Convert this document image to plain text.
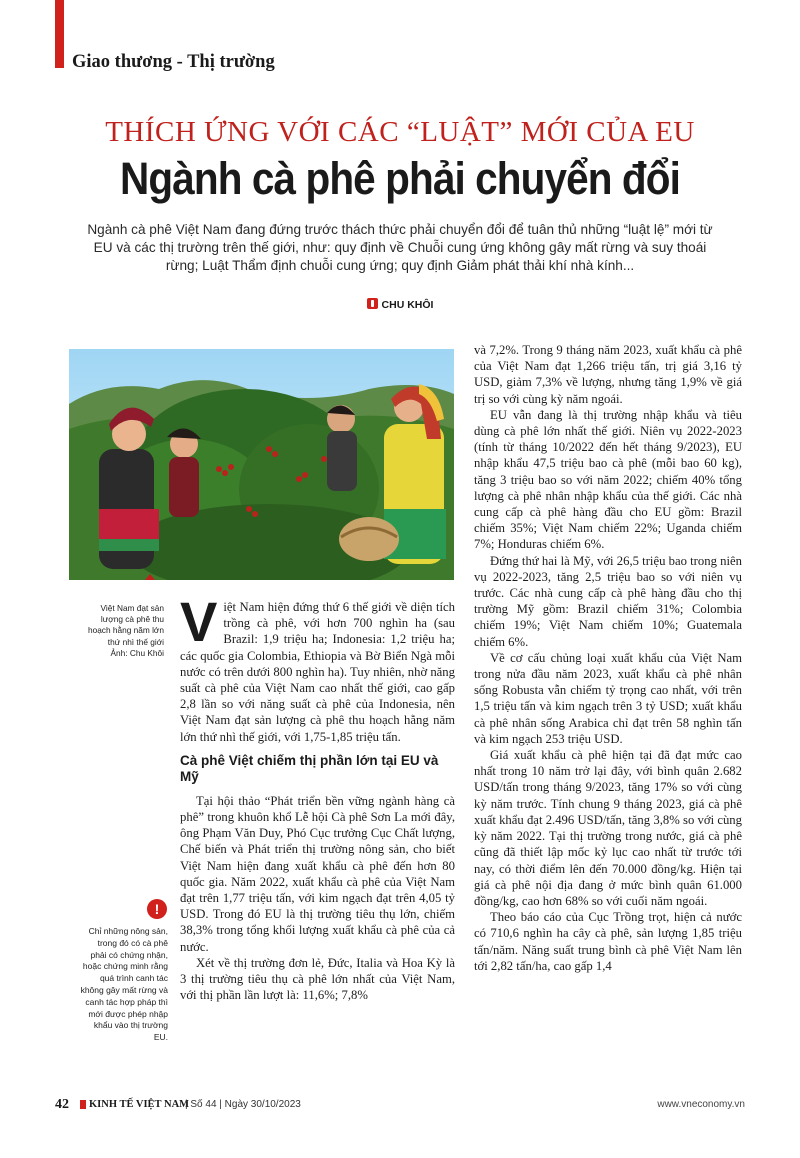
Giao thương - Thị trường
THÍCH ỨNG VỚI CÁC “LUẬT” MỚI CỦA EU
Ngành cà phê phải chuyển đổi
Ngành cà phê Việt Nam đang đứng trước thách thức phải chuyển đổi để tuân thủ những “luật lệ” mới từ EU và các thị trường trên thế giới, như: quy định về Chuỗi cung ứng không gây mất rừng và suy thoái rừng; Luật Thẩm định chuỗi cung ứng; quy định Giảm phát thải khí nhà kính...
CHU KHÔI
Việt Nam đạt sản lượng cà phê thu hoạch hằng năm lớn thứ nhì thế giới
Ảnh: Chu Khôi
!
Chỉ những nông sản, trong đó có cà phê phải có chứng nhận, hoặc chứng minh rằng quá trình canh tác không gây mất rừng và canh tác hợp pháp thì mới được phép nhập khẩu vào thị trường EU.

Việt Nam hiện đứng thứ 6 thế giới về diện tích trồng cà phê, với hơn 700 nghìn ha (sau Brazil: 1,9 triệu ha; Indonesia: 1,2 triệu ha; các quốc gia Colombia, Ethiopia và Bờ Biển Ngà mỗi nước có trên dưới 800 nghìn ha). Tuy nhiên, nhờ năng suất cà phê của Việt Nam cao nhất thế giới, cao gấp 2,8 lần so với năng suất cà phê của Indonesia, nên Việt Nam đạt sản lượng cà phê thu hoạch hằng năm lớn thứ nhì thế giới, với 1,75-1,85 triệu tấn.

Cà phê Việt chiếm thị phần lớn tại EU và Mỹ

Tại hội thảo “Phát triển bền vững ngành hàng cà phê” trong khuôn khổ Lễ hội Cà phê Sơn La mới đây, ông Phạm Văn Duy, Phó Cục trưởng Cục Chất lượng, Chế biến và Phát triển thị trường nông sản, cho biết Việt Nam hiện đang xuất khẩu cà phê đến hơn 80 quốc gia. Năm 2022, xuất khẩu cà phê của Việt Nam đạt trên 1,77 triệu tấn, với kim ngạch đạt trên 4,05 tỷ USD. Trong đó EU là thị trường tiêu thụ lớn, chiếm 38,3% trong tổng khối lượng xuất khẩu cà phê của cả nước.

Xét về thị trường đơn lẻ, Đức, Italia và Hoa Kỳ là 3 thị trường tiêu thụ cà phê lớn nhất của Việt Nam, với thị phần lần lượt là: 11,6%; 7,8%

và 7,2%. Trong 9 tháng năm 2023, xuất khẩu cà phê của Việt Nam đạt 1,266 triệu tấn, trị giá 3,16 tỷ USD, giảm 7,3% về lượng, nhưng tăng 1,9% về giá trị so với cùng kỳ năm ngoái.

EU vẫn đang là thị trường nhập khẩu và tiêu dùng cà phê lớn nhất thế giới. Niên vụ 2022-2023 (tính từ tháng 10/2022 đến hết tháng 9/2023), EU nhập khẩu 47,5 triệu bao cà phê (mỗi bao 60 kg), tăng 3 triệu bao so với năm 2022; chiếm 40% tổng lượng cà phê nhân nhập khẩu của thế giới. Các nhà cung cấp cà phê hàng đầu cho EU gồm: Brazil chiếm 35%; Việt Nam chiếm 22%; Uganda chiếm 7%; Honduras chiếm 6%.

Đứng thứ hai là Mỹ, với 26,5 triệu bao trong niên vụ 2022-2023, tăng 2,5 triệu bao so với niên vụ trước. Các nhà cung cấp cà phê hàng đầu cho thị trường Mỹ gồm: Brazil chiếm 31%; Colombia chiếm 19%; Việt Nam chiếm 10%; Guatemala chiếm 6%.

Về cơ cấu chủng loại xuất khẩu của Việt Nam trong nửa đầu năm 2023, xuất khẩu cà phê nhân sống Robusta vẫn chiếm tỷ trọng cao nhất, với trên 1,5 triệu tấn và kim ngạch trên 3 tỷ USD; xuất khẩu cà phê nhân sống Arabica chỉ đạt trên 58 nghìn tấn và kim ngạch 253 triệu USD.

Giá xuất khẩu cà phê hiện tại đã đạt mức cao nhất trong 10 năm trở lại đây, với bình quân 2.682 USD/tấn trong tháng 9/2023, tăng 17% so với cùng kỳ năm trước. Tính chung 9 tháng 2023, giá cà phê xuất khẩu đạt 2.496 USD/tấn, tăng 3,8% so với cùng kỳ năm 2022. Tại thị trường trong nước, giá cà phê cũng đã thiết lập mốc kỷ lục cao nhất từ trước tới nay, có thời điểm lên đến 70.000 đồng/kg. Hiện tại giá cà phê nội địa đang ở mức bình quân 61.000 đồng/kg, cao hơn 68% so với cuối năm ngoái.

Theo báo cáo của Cục Trồng trọt, hiện cả nước có 710,6 nghìn ha cây cà phê, sản lượng 1,85 triệu tấn/năm. Năng suất trung bình cà phê Việt Nam lên tới 2,82 tấn/ha, cao gấp 1,4

42 KINH TẾ VIỆT NAM
| Số 44 | Ngày 30/10/2023	www.vneconomy.vn
